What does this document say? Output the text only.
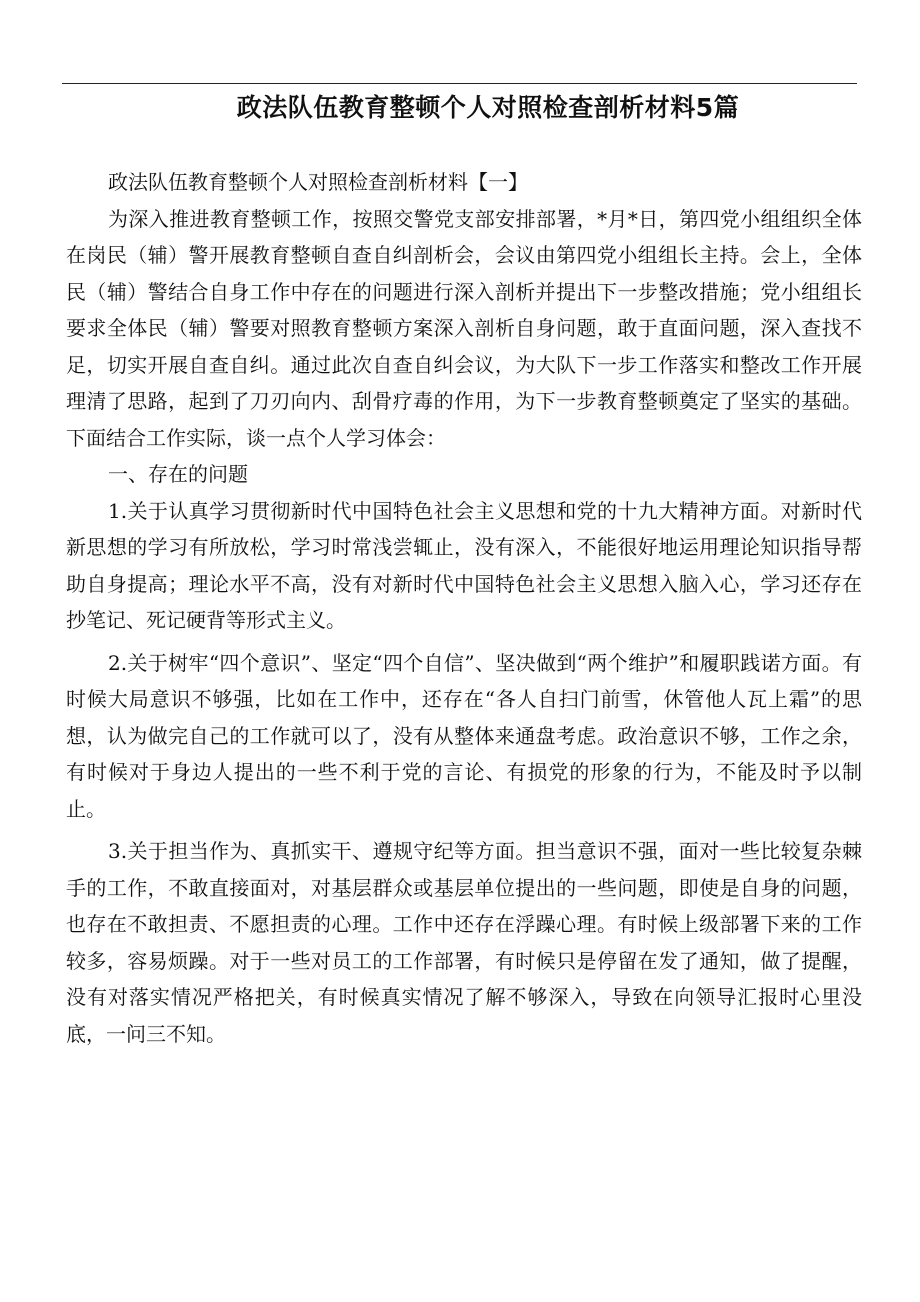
政法队伍教育整顿个人对照检查剖析材料5篇

政法队伍教育整顿个人对照检查剖析材料【一】

为深入推进教育整顿工作，按照交警党支部安排部署，*月*日，第四党小组组织全体在岗民（辅）警开展教育整顿自查自纠剖析会，会议由第四党小组组长主持。会上，全体民（辅）警结合自身工作中存在的问题进行深入剖析并提出下一步整改措施；党小组组长要求全体民（辅）警要对照教育整顿方案深入剖析自身问题，敢于直面问题，深入查找不足，切实开展自查自纠。通过此次自查自纠会议，为大队下一步工作落实和整改工作开展理清了思路，起到了刀刃向内、刮骨疗毒的作用，为下一步教育整顿奠定了坚实的基础。下面结合工作实际，谈一点个人学习体会：

一、存在的问题

1.关于认真学习贯彻新时代中国特色社会主义思想和党的十九大精神方面。对新时代新思想的学习有所放松，学习时常浅尝辄止，没有深入，不能很好地运用理论知识指导帮助自身提高；理论水平不高，没有对新时代中国特色社会主义思想入脑入心，学习还存在抄笔记、死记硬背等形式主义。

2.关于树牢“四个意识”、坚定“四个自信”、坚决做到“两个维护”和履职践诺方面。有时候大局意识不够强，比如在工作中，还存在“各人自扫门前雪，休管他人瓦上霜”的思想，认为做完自己的工作就可以了，没有从整体来通盘考虑。政治意识不够，工作之余，有时候对于身边人提出的一些不利于党的言论、有损党的形象的行为，不能及时予以制止。

3.关于担当作为、真抓实干、遵规守纪等方面。担当意识不强，面对一些比较复杂棘手的工作，不敢直接面对，对基层群众或基层单位提出的一些问题，即使是自身的问题，也存在不敢担责、不愿担责的心理。工作中还存在浮躁心理。有时候上级部署下来的工作较多，容易烦躁。对于一些对员工的工作部署，有时候只是停留在发了通知，做了提醒，没有对落实情况严格把关，有时候真实情况了解不够深入，导致在向领导汇报时心里没底，一问三不知。
